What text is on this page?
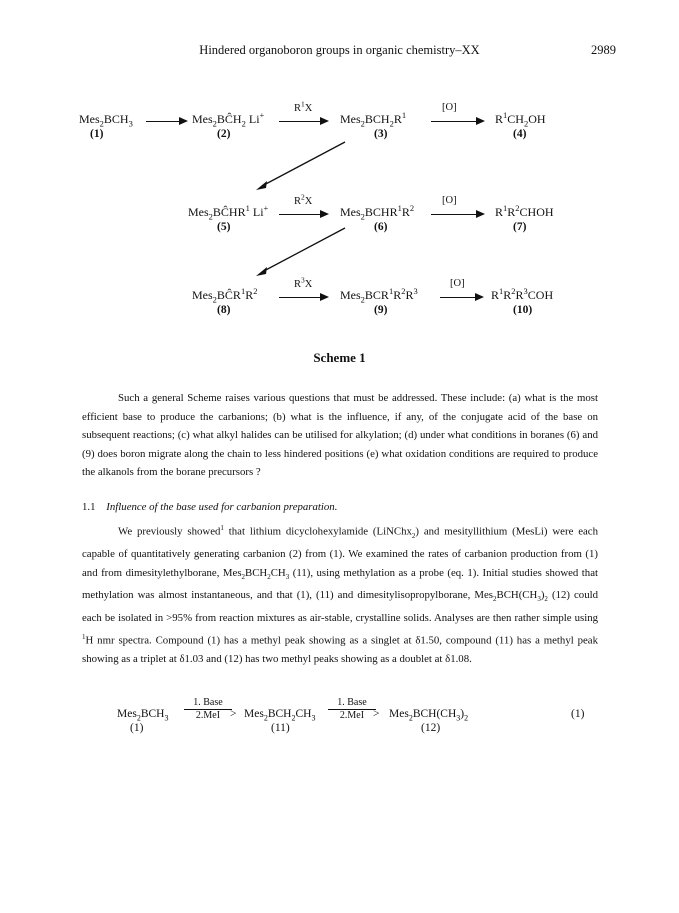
Hindered organoboron groups in organic chemistry–XX	2989
$Mes_2BCH_3$
(1)
$Mes_2BĈH_2$ Li+
(2)
$R^1X$
$Mes_2BCH_2R^1$
(3)
[O]
$R^1CH_2OH$
(4)
$Mes_2BĈHR^1$ Li+
(5)
$R^2X$
$Mes_2BCHR^1R^2$
(6)
[O]
$R^1R^2CHOH$
(7)
$Mes_2BĈR^1R^2$
(8)
$R^3X$
$Mes_2BCR^1R^2R^3$
(9)
[O]
$R^1R^2R^3COH$
(10)
Scheme 1

Such a general Scheme raises various questions that must be addressed. These include: (a) what is the most efficient base to produce the carbanions; (b) what is the influence, if any, of the conjugate acid of the base on subsequent reactions; (c) what alkyl halides can be utilised for alkylation; (d) under what conditions in boranes (6) and (9) does boron migrate along the chain to less hindered positions (e) what oxidation conditions are required to produce the alkanols from the borane precursors ?

1.1 Influence of the base used for carbanion preparation.

We previously showed$^1$ that lithium dicyclohexylamide (LiNChx$_2$) and mesityllithium (MesLi) were each capable of quantitatively generating carbanion (2) from (1). We examined the rates of carbanion production from (1) and from dimesitylethylborane, $Mes_2BCH_2CH_3$ (11), using methylation as a probe (eq. 1). Initial studies showed that methylation was almost instantaneous, and that (1), (11) and dimesitylisopropylborane, $Mes_2BCH(CH_3)_2$ (12) could each be isolated in >95% from reaction mixtures as air-stable, crystalline solids. Analyses are then rather simple using $^1$H nmr spectra. Compound (1) has a methyl peak showing as a singlet at δ1.50, compound (11) has a methyl peak showing as a triplet at δ1.03 and (12) has two methyl peaks showing as a doublet at δ1.08.

$Mes_2BCH_3$
(1)
1. Base
$2.MeI > Mes_2BCH_2CH_3$
(11)
1. Base
$2.MeI > Mes_2BCH(CH_3)_2$
(12)
(1)
